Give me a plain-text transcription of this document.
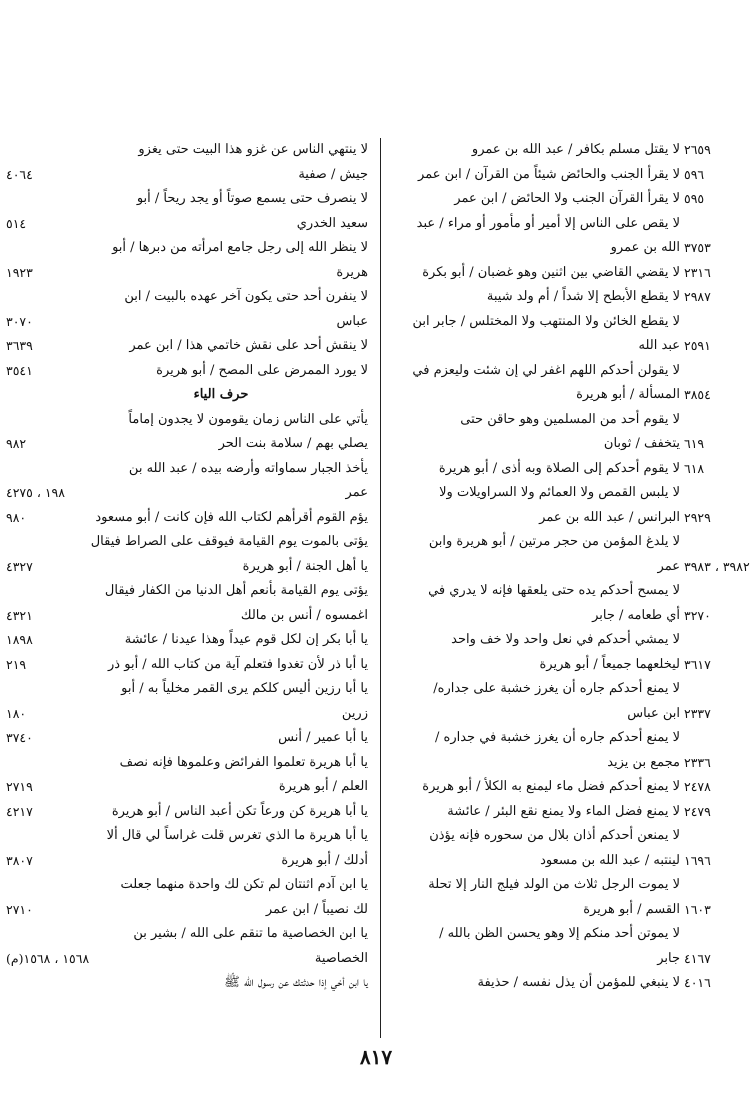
لا يقتل مسلم بكافر / عبد الله بن عمرو ٢٦٥٩
لا يقرأ الجنب والحائض شيئاً من القرآن / ابن عمر ٥٩٦
لا يقرأ القرآن الجنب ولا الحائض / ابن عمر ٥٩٥
لا يقص على الناس إلا أمير أو مأمور أو مراء / عبد
الله بن عمرو ٣٧٥٣
لا يقضي القاضي بين اثنين وهو غضبان / أبو بكرة ٢٣١٦
لا يقطع الأبطح إلا شداً / أم ولد شيبة ٢٩٨٧
لا يقطع الخائن ولا المنتهب ولا المختلس / جابر ابن
عبد الله ٢٥٩١
لا يقولن أحدكم اللهم اغفر لي إن شئت وليعزم في
المسألة / أبو هريرة ٣٨٥٤
لا يقوم أحد من المسلمين وهو حاقن حتى
يتخفف / ثوبان ٦١٩
لا يقوم أحدكم إلى الصلاة وبه أذى / أبو هريرة ٦١٨
لا يلبس القمص ولا العمائم ولا السراويلات ولا
البرانس / عبد الله بن عمر ٢٩٢٩
لا يلدغ المؤمن من حجر مرتين / أبو هريرة وابن
عمر ٣٩٨٢ ، ٣٩٨٣
لا يمسح أحدكم يده حتى يلعقها فإنه لا يدري في
أي طعامه / جابر ٣٢٧٠
لا يمشي أحدكم في نعل واحد ولا خف واحد
ليخلعهما جميعاً / أبو هريرة ٣٦١٧
لا يمنع أحدكم جاره أن يغرز خشبة على جداره/
ابن عباس ٢٣٣٧
لا يمنع أحدكم جاره أن يغرز خشبة في جداره /
مجمع بن يزيد ٢٣٣٦
لا يمنع أحدكم فضل ماء ليمنع به الكلأ / أبو هريرة ٢٤٧٨
لا يمنع فضل الماء ولا يمنع نقع البئر / عائشة ٢٤٧٩
لا يمنعن أحدكم أذان بلال من سحوره فإنه يؤذن
لينتبه / عبد الله بن مسعود ١٦٩٦
لا يموت الرجل ثلاث من الولد فيلج النار إلا تحلة
القسم / أبو هريرة ١٦٠٣
لا يموتن أحد منكم إلا وهو يحسن الظن بالله /
جابر ٤١٦٧
لا ينبغي للمؤمن أن يذل نفسه / حذيفة ٤٠١٦
لا ينتهي الناس عن غزو هذا البيت حتى يغزو
جيش / صفية
٤٠٦٤
لا ينصرف حتى يسمع صوتاً أو يجد ريحاً / أبو
سعيد الخدري
٥١٤
لا ينظر الله إلى رجل جامع امرأته من دبرها / أبو
هريرة
١٩٢٣
لا ينفرن أحد حتى يكون آخر عهده بالبيت / ابن
عباس
٣٠٧٠
لا ينقش أحد على نقش خاتمي هذا / ابن عمر
٣٦٣٩
لا يورد الممرض على المصح / أبو هريرة
٣٥٤١
حرف الياء
يأتي على الناس زمان يقومون لا يجدون إماماً
يصلي بهم / سلامة بنت الحر
٩٨٢
يأخذ الجبار سماواته وأرضه بيده / عبد الله بن
عمر
١٩٨ ، ٤٢٧٥
يؤم القوم أقرأهم لكتاب الله فإن كانت / أبو مسعود
٩٨٠
يؤتى بالموت يوم القيامة فيوقف على الصراط فيقال
يا أهل الجنة / أبو هريرة
٤٣٢٧
يؤتى يوم القيامة بأنعم أهل الدنيا من الكفار فيقال
اغمسوه / أنس بن مالك
٤٣٢١
يا أبا بكر إن لكل قوم عيداً وهذا عيدنا / عائشة
١٨٩٨
يا أبا ذر لأن تغدوا فتعلم آية من كتاب الله / أبو ذر
٢١٩
يا أبا رزين أليس كلكم يرى القمر مخلياً به / أبو
زرين
١٨٠
يا أبا عمير / أنس
٣٧٤٠
يا أبا هريرة تعلموا الفرائض وعلموها فإنه نصف
العلم / أبو هريرة
٢٧١٩
يا أبا هريرة كن ورعاً تكن أعبد الناس / أبو هريرة
٤٢١٧
يا أبا هريرة ما الذي تغرس قلت غراساً لي قال ألا
أدلك / أبو هريرة
٣٨٠٧
يا ابن آدم اثنتان لم تكن لك واحدة منهما جعلت
لك نصيباً / ابن عمر
٢٧١٠
يا ابن الخصاصية ما تنقم على الله / بشير بن
الخصاصية
١٥٦٨ ، ١٥٦٨(م)
يا ابن أخي إذا حدثتك عن رسول الله ﷺ
٨١٧
